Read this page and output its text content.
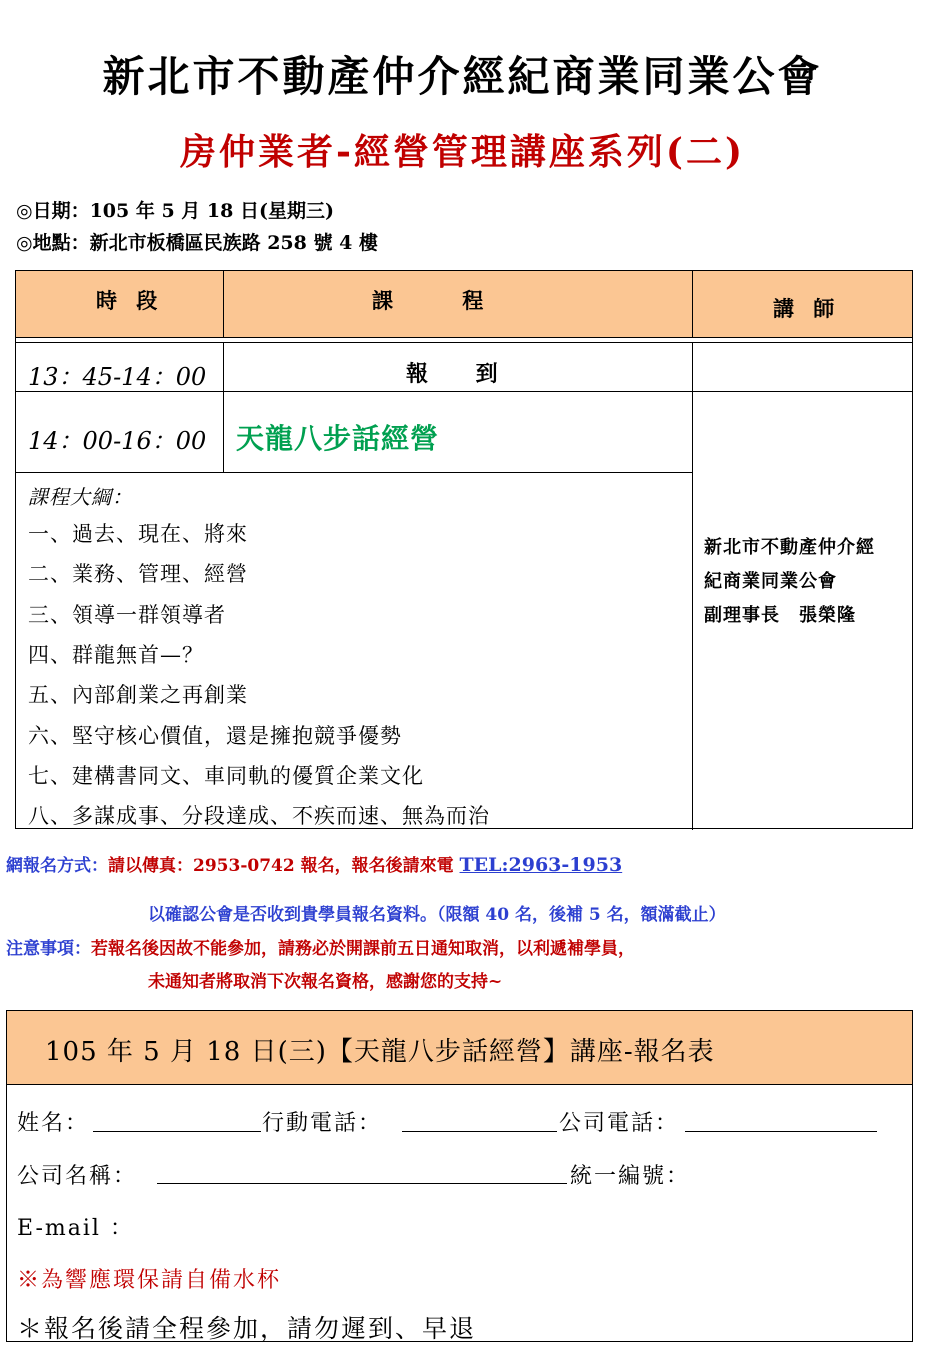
新北市不動產仲介經紀商業同業公會
房仲業者-經營管理講座系列(二)
◎日期：105 年 5 月 18 日(星期三)
◎地點：新北市板橋區民族路 258 號 4 樓
時 段	課 程	講 師
13：45-14：00	報 到
14：00-16：00 天龍八步話經營
課程大綱：
一、過去、現在、將來
二、業務、管理、經營
三、領導一群領導者
四、群龍無首—？
五、內部創業之再創業
六、堅守核心價值，還是擁抱競爭優勢
七、建構書同文、車同軌的優質企業文化
八、多謀成事、分段達成、不疾而速、無為而治
新北市不動產仲介經
紀商業同業公會
副理事長　張榮隆
網報名方式：請以傳真：2953-0742 報名，報名後請來電 TEL:2963-1953
以確認公會是否收到貴學員報名資料。（限額 40 名，後補 5 名，額滿截止）
注意事項：若報名後因故不能參加，請務必於開課前五日通知取消，以利遞補學員，
未通知者將取消下次報名資格，感謝您的支持~
105 年 5 月 18 日(三)【天龍八步話經營】講座-報名表
姓名：	行動電話：	公司電話：
公司名稱：	統一編號：
E-mail ：
※為響應環保請自備水杯
＊報名後請全程參加，請勿遲到、早退
